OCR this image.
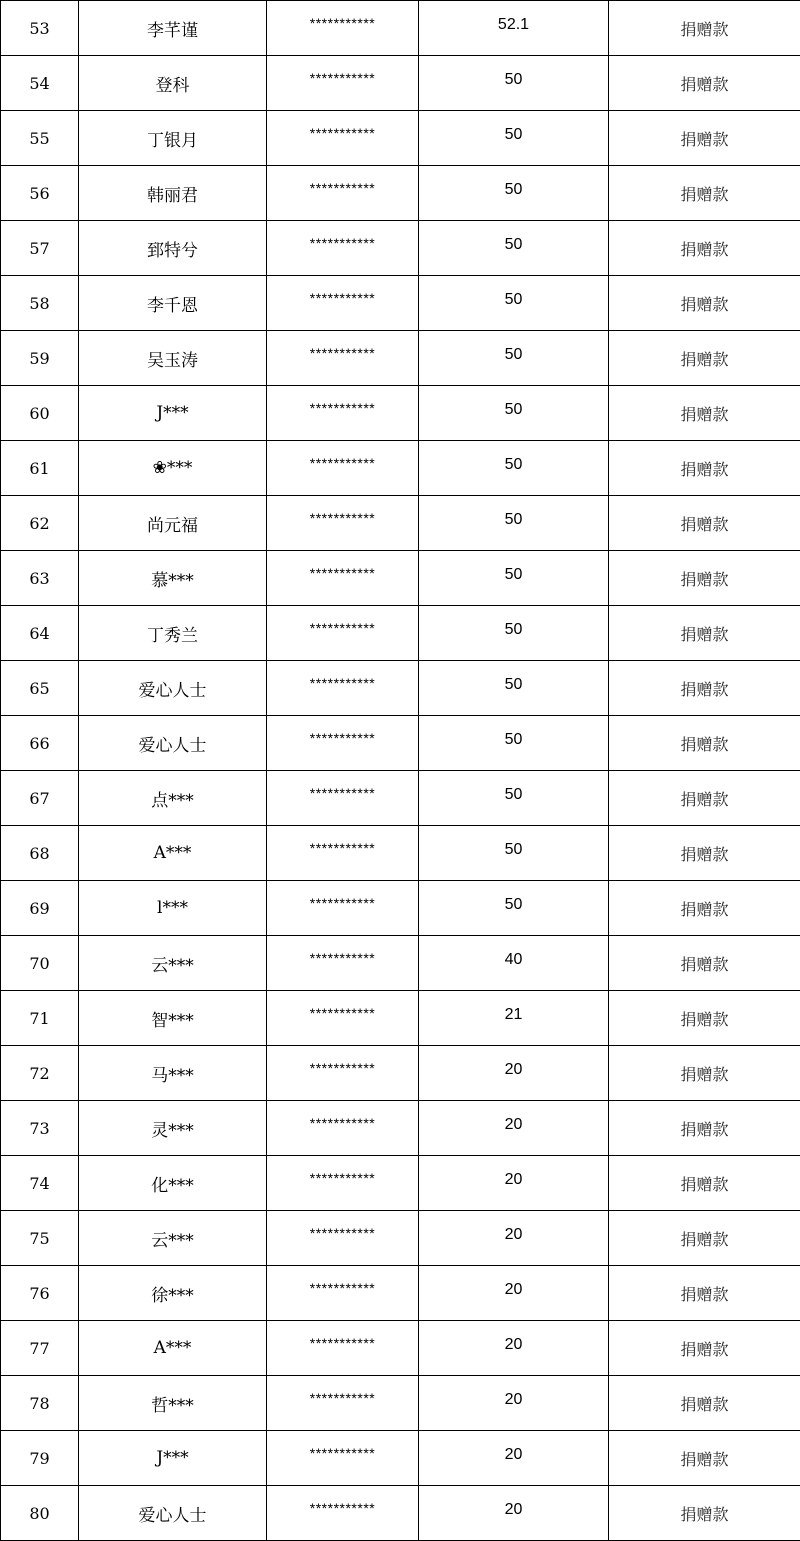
53	李芊谨	***********	52.1	捐赠款
54	登科	***********	50	捐赠款
55	丁银月	***********	50	捐赠款
56	韩丽君	***********	50	捐赠款
57	郅特兮	***********	50	捐赠款
58	李千恩	***********	50	捐赠款
59	吴玉涛	***********	50	捐赠款
60	J***	***********	50	捐赠款
61	❀***	***********	50	捐赠款
62	尚元福	***********	50	捐赠款
63	慕***	***********	50	捐赠款
64	丁秀兰	***********	50	捐赠款
65	爱心人士	***********	50	捐赠款
66	爱心人士	***********	50	捐赠款
67	点***	***********	50	捐赠款
68	A***	***********	50	捐赠款
69	l***	***********	50	捐赠款
70	云***	***********	40	捐赠款
71	智***	***********	21	捐赠款
72	马***	***********	20	捐赠款
73	灵***	***********	20	捐赠款
74	化***	***********	20	捐赠款
75	云***	***********	20	捐赠款
76	徐***	***********	20	捐赠款
77	A***	***********	20	捐赠款
78	哲***	***********	20	捐赠款
79	J***	***********	20	捐赠款
80	爱心人士	***********	20	捐赠款
